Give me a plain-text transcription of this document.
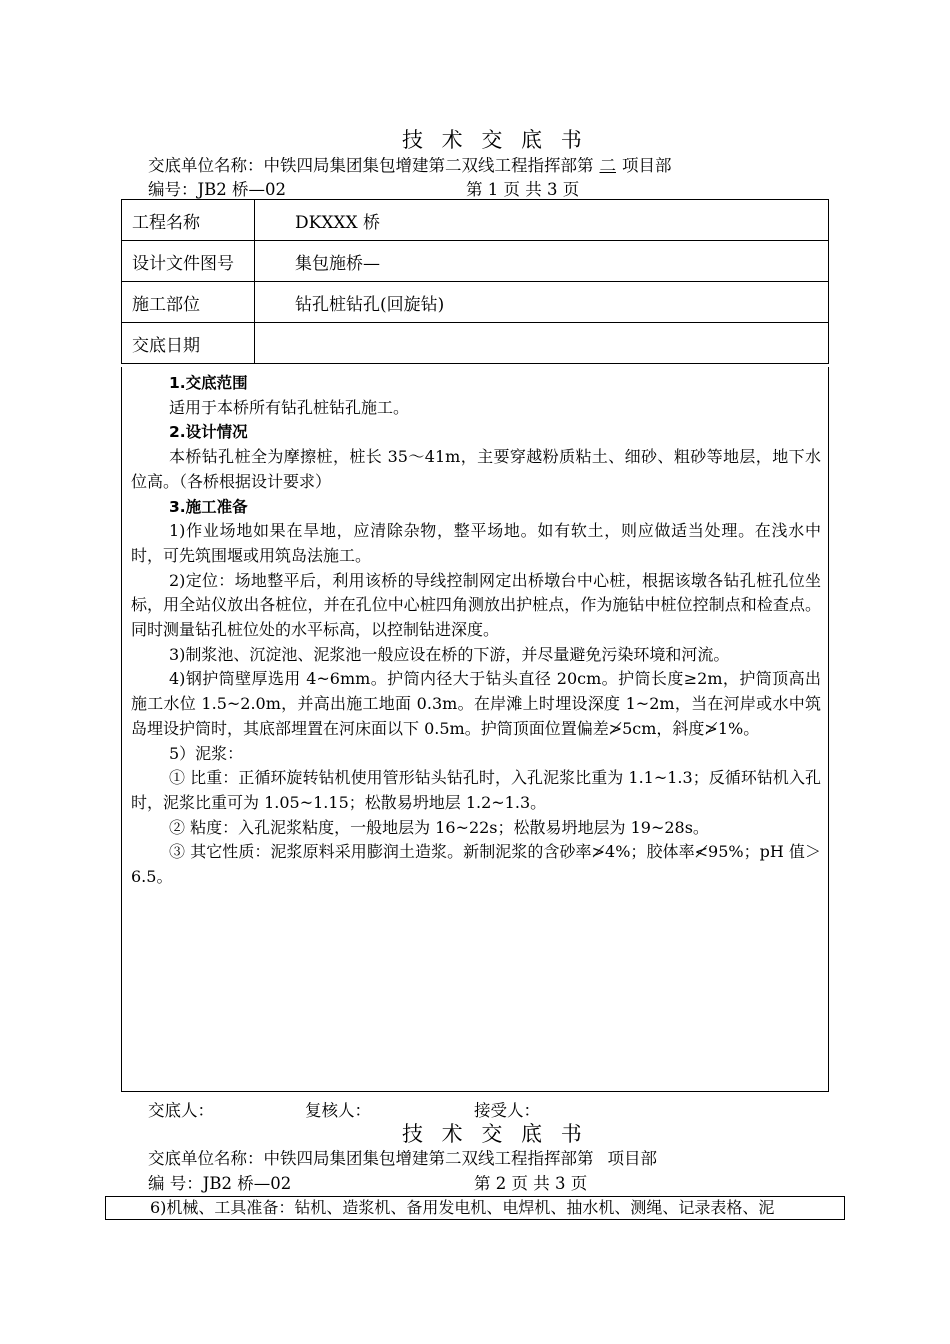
技 术 交 底 书
交底单位名称：中铁四局集团集包增建第二双线工程指挥部第 二 项目部
编号：JB2 桥—02	第 1 页 共 3 页
工程名称	DKXXX 桥
设计文件图号	集包施桥—
施工部位	钻孔桩钻孔(回旋钻)
交底日期	

1.交底范围

适用于本桥所有钻孔桩钻孔施工。

2.设计情况

本桥钻孔桩全为摩擦桩，桩长 35～41m，主要穿越粉质粘土、细砂、粗砂等地层，地下水位高。（各桥根据设计要求）

3.施工准备

1)作业场地如果在旱地，应清除杂物，整平场地。如有软土，则应做适当处理。在浅水中时，可先筑围堰或用筑岛法施工。

2)定位：场地整平后，利用该桥的导线控制网定出桥墩台中心桩，根据该墩各钻孔桩孔位坐标，用全站仪放出各桩位，并在孔位中心桩四角测放出护桩点，作为施钻中桩位控制点和检查点。同时测量钻孔桩位处的水平标高，以控制钻进深度。

3)制浆池、沉淀池、泥浆池一般应设在桥的下游，并尽量避免污染环境和河流。

4)钢护筒壁厚选用 4~6mm。护筒内径大于钻头直径 20cm。护筒长度≥2m，护筒顶高出施工水位 1.5~2.0m，并高出施工地面 0.3m。在岸滩上时埋设深度 1~2m，当在河岸或水中筑岛埋设护筒时，其底部埋置在河床面以下 0.5m。护筒顶面位置偏差≯5cm，斜度≯1%。

5）泥浆：

① 比重：正循环旋转钻机使用管形钻头钻孔时，入孔泥浆比重为 1.1~1.3；反循环钻机入孔时，泥浆比重可为 1.05~1.15；松散易坍地层 1.2~1.3。

② 粘度：入孔泥浆粘度，一般地层为 16~22s；松散易坍地层为 19~28s。

③ 其它性质：泥浆原料采用膨润土造浆。新制泥浆的含砂率≯4%；胶体率≮95%；pH 值＞6.5。

交底人：	复核人：	接受人：
技 术 交 底 书
交底单位名称：中铁四局集团集包增建第二双线工程指挥部第 项目部
编 号：JB2 桥—02	第 2 页 共 3 页
6)机械、工具准备：钻机、造浆机、备用发电机、电焊机、抽水机、测绳、记录表格、泥
